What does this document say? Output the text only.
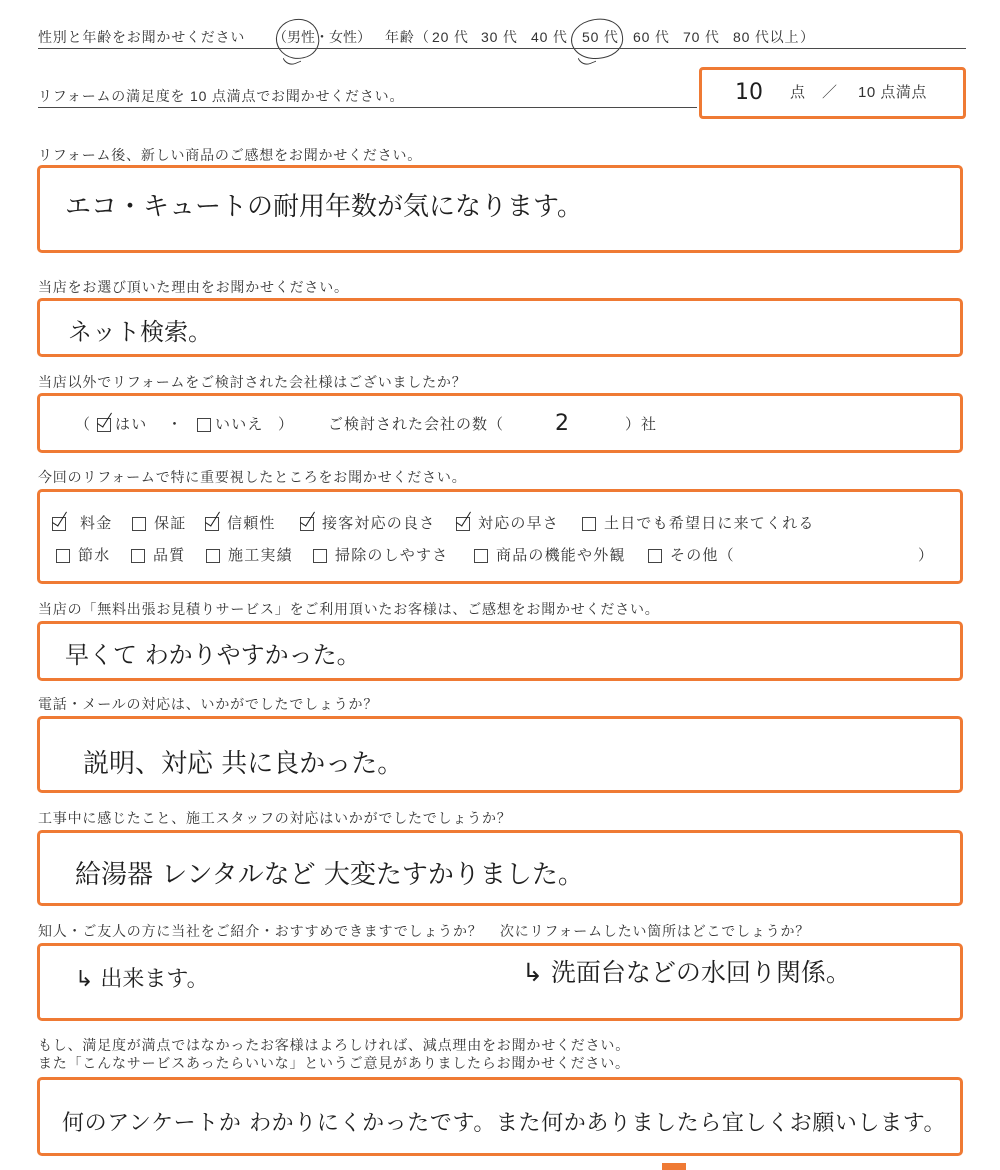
性別と年齢をお聞かせください （ 男性 ・ 女性 ） 年齢 （ 20 代 30 代 40 代 50 代 60 代 70 代 80 代以上 ）
リフォームの満足度を 10 点満点でお聞かせください。	10 点 ／ 10 点満点
リフォーム後、新しい商品のご感想をお聞かせください。
エコ・キュートの耐用年数が気になります。
当店をお選び頂いた理由をお聞かせください。
ネット検索。
当店以外でリフォームをご検討された会社様はございましたか？
（ はい ・ いいえ ） ご検討された会社の数（ 2	）社
今回のリフォームで特に重要視したところをお聞かせください。
料金	保証	信頼性	接客対応の良さ	対応の早さ	土日でも希望日に来てくれる
節水	品質	施工実績	掃除のしやすさ	商品の機能や外観	その他（	）
当店の「無料出張お見積りサービス」をご利用頂いたお客様は、ご感想をお聞かせください。
早くて わかりやすかった。
電話・メールの対応は、いかがでしたでしょうか？
説明、対応 共に良かった。
工事中に感じたこと、施工スタッフの対応はいかがでしたでしょうか？
給湯器 レンタルなど 大変たすかりました。
知人・ご友人の方に当社をご紹介・おすすめできますでしょうか？ 次にリフォームしたい箇所はどこでしょうか？
↳ 出来ます。	↳ 洗面台などの水回り関係。
もし、満足度が満点ではなかったお客様はよろしければ、減点理由をお聞かせください。
また「こんなサービスあったらいいな」というご意見がありましたらお聞かせください。
何のアンケートか わかりにくかったです。また何かありましたら宜しくお願いします。
